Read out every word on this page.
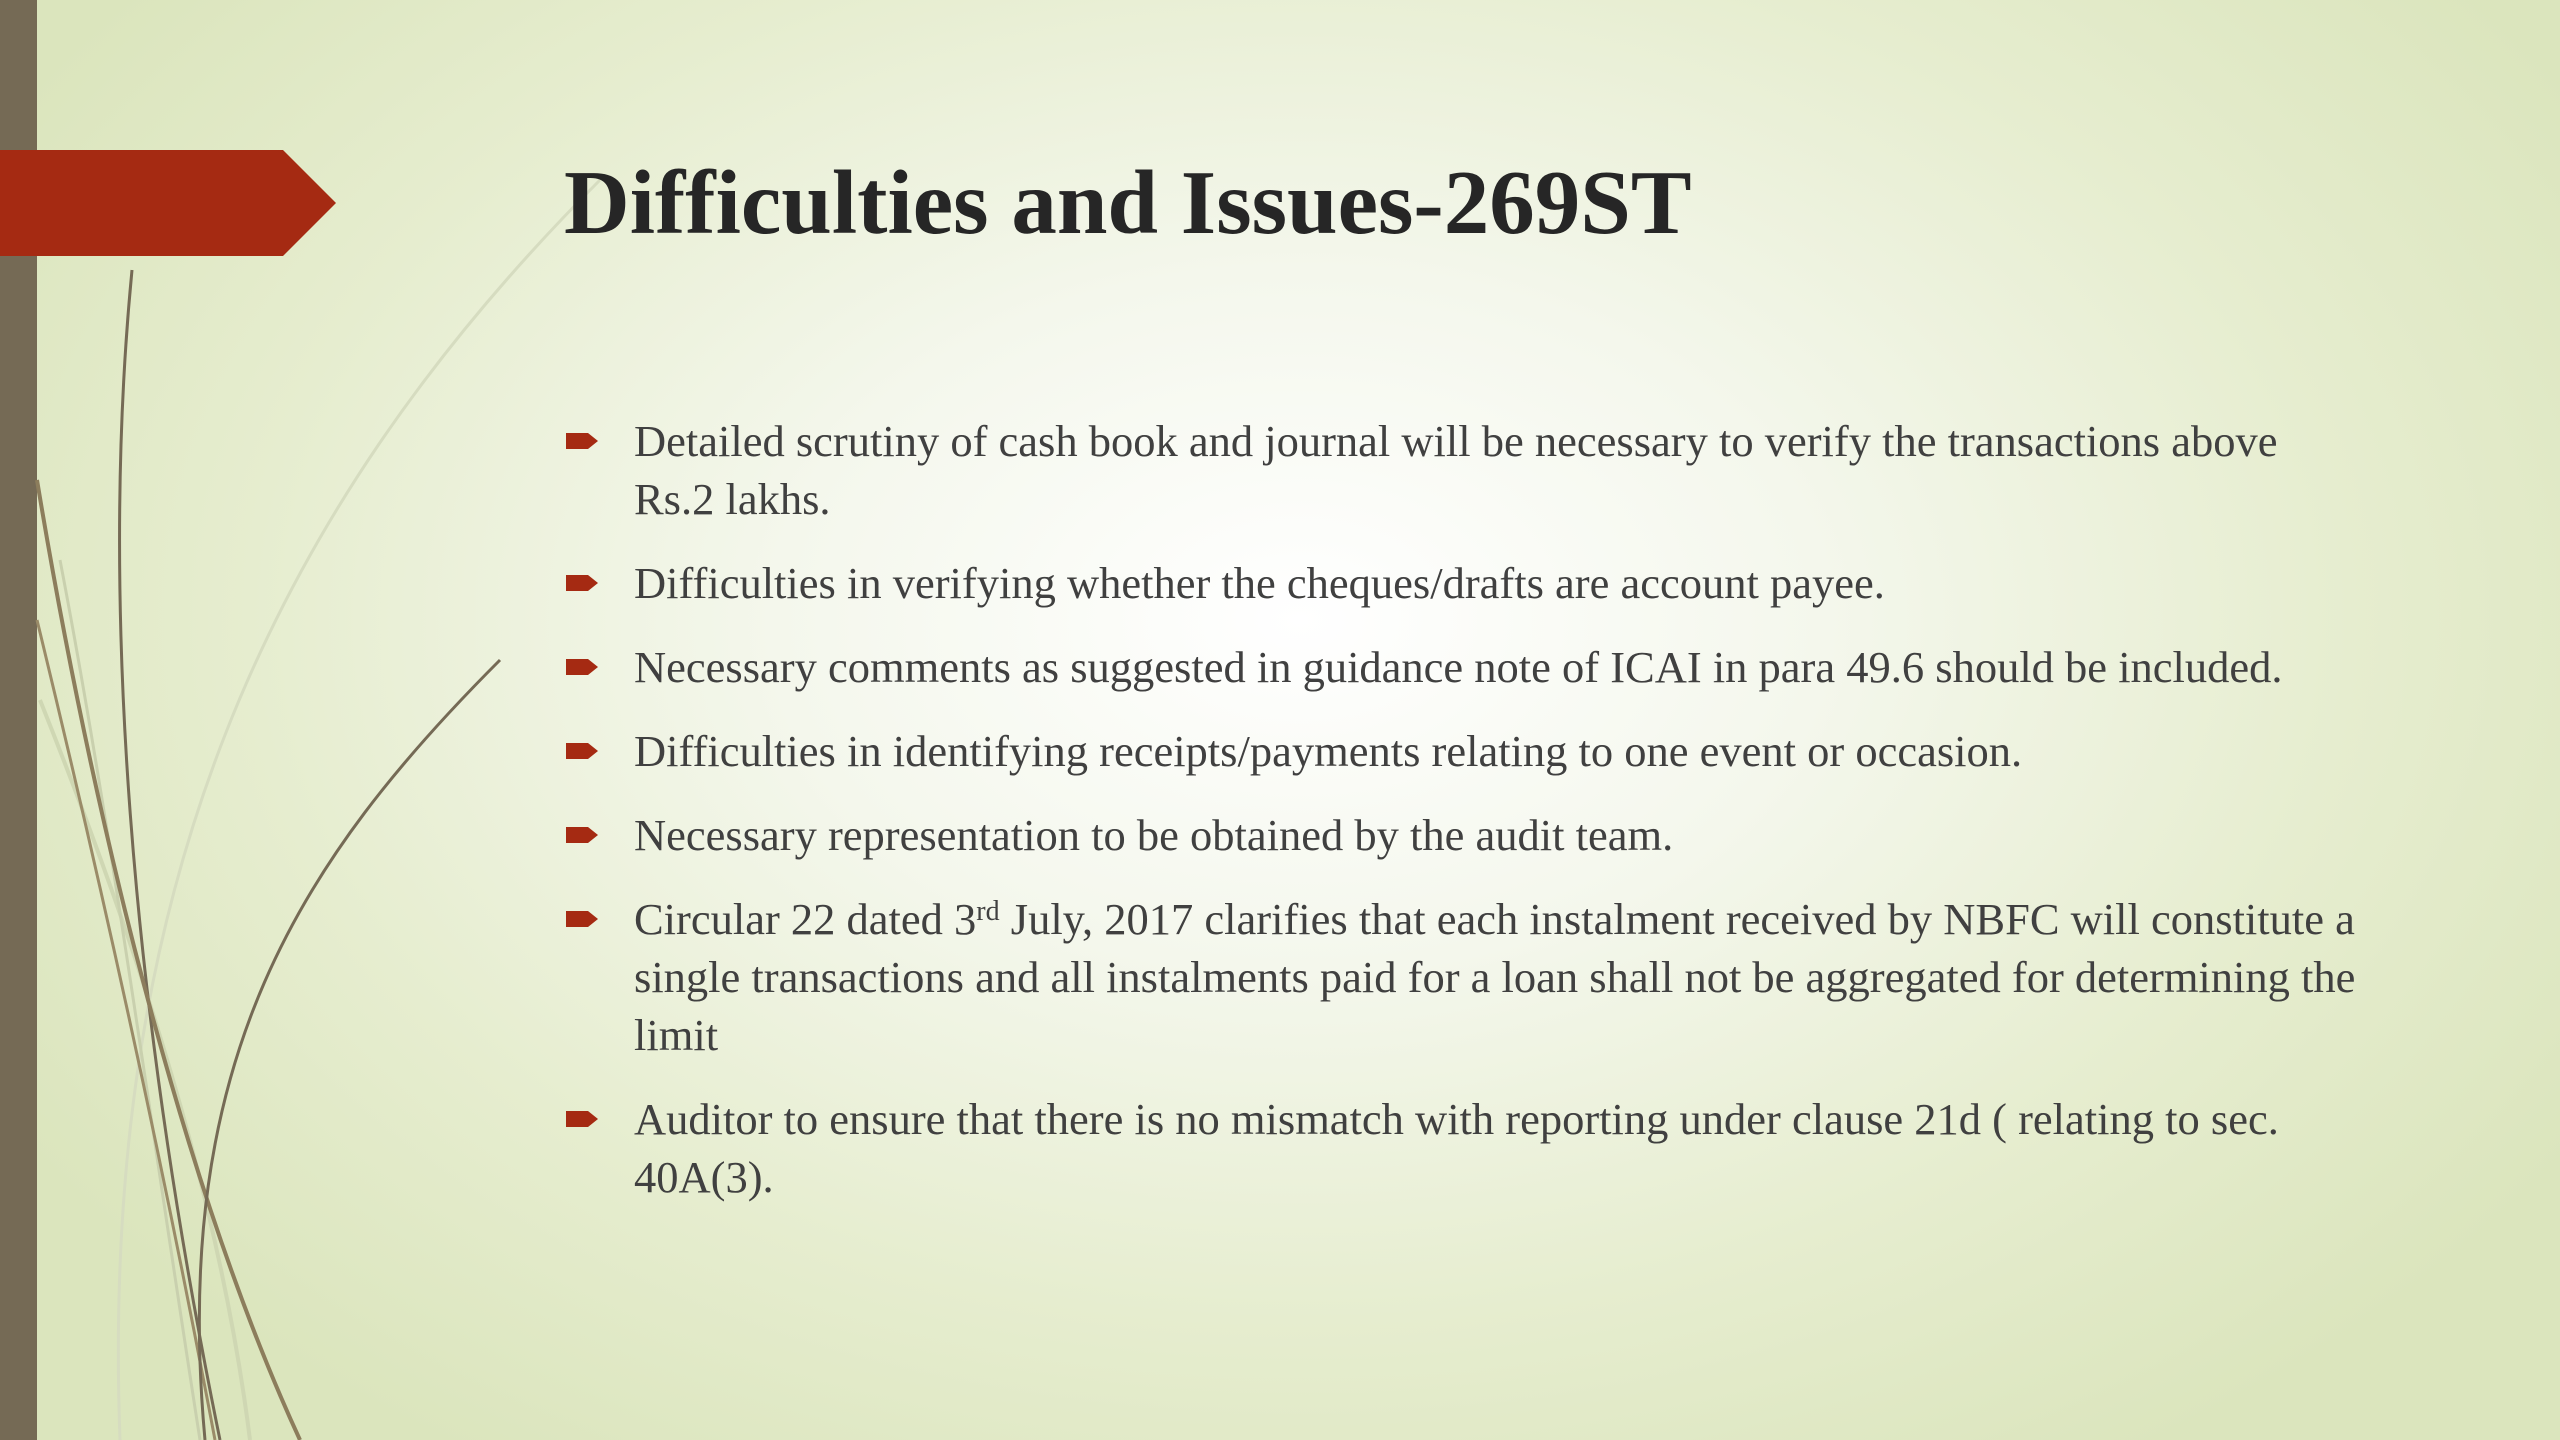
Difficulties and Issues-269ST
Detailed scrutiny of cash book and journal will be necessary to verify the transactions above Rs.2 lakhs.
Difficulties in verifying whether the cheques/drafts are account payee.
Necessary comments as suggested in guidance note of ICAI in para 49.6 should be included.
Difficulties in identifying receipts/payments relating to one event or occasion.
Necessary representation to be obtained by the audit team.
Circular 22 dated 3rd July, 2017 clarifies that each instalment received by NBFC will constitute a single transactions and all instalments paid for a loan shall not be aggregated for determining the limit
Auditor to ensure that there is no mismatch with reporting under clause 21d ( relating to sec. 40A(3).
